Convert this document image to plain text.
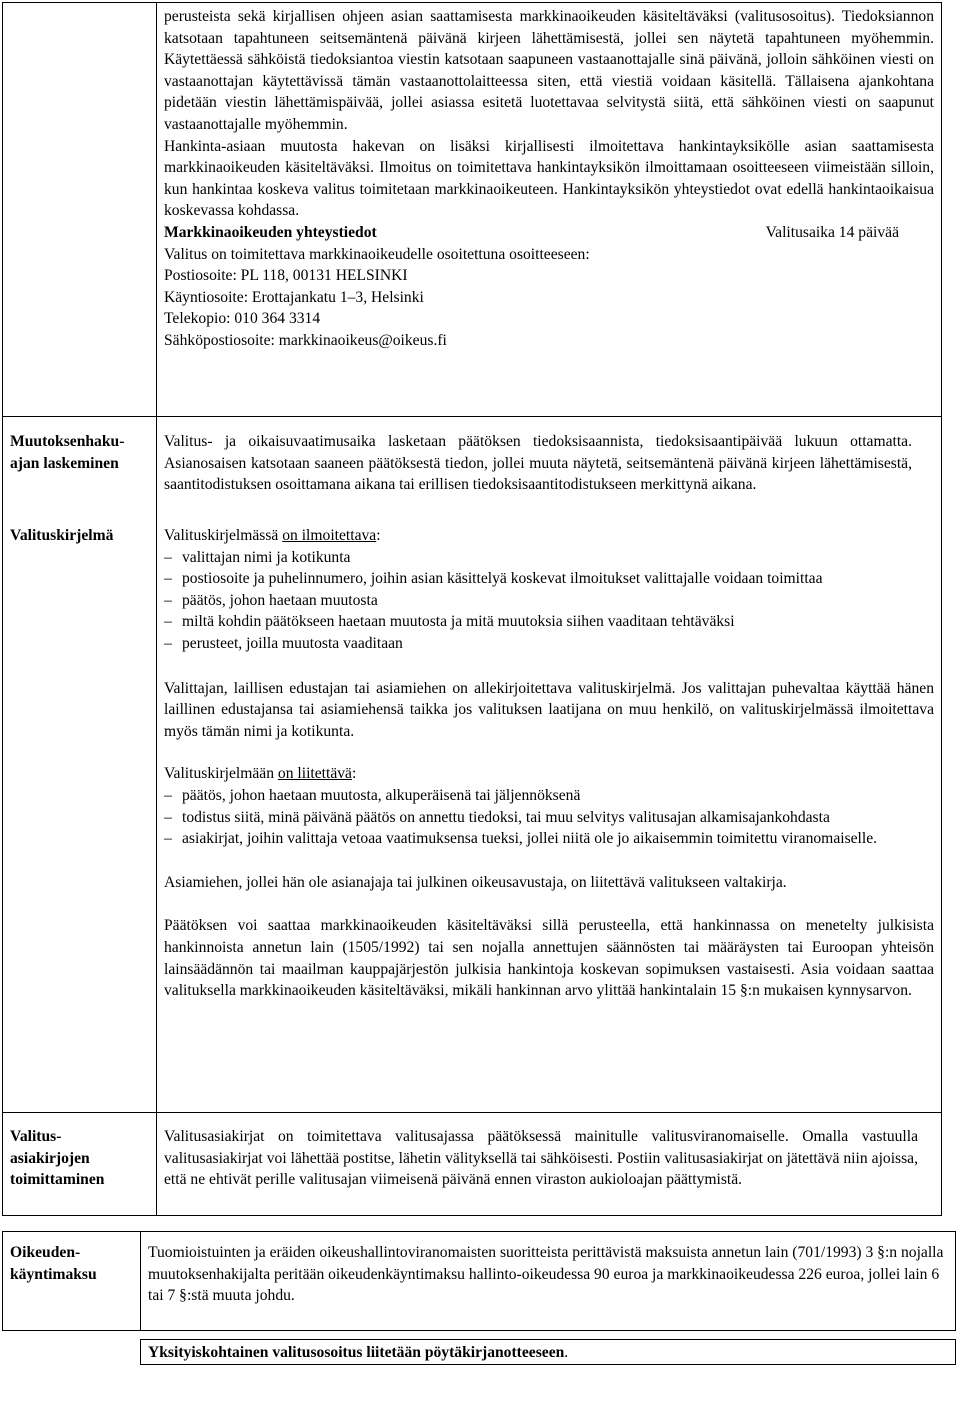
perusteista sekä kirjallisen ohjeen asian saattamisesta markkinaoikeuden käsiteltäväksi (valitusosoitus). Tiedoksiannon katsotaan tapahtuneen seitsemäntenä päivänä kirjeen lähettämisestä, jollei sen näytetä tapahtuneen myöhemmin. Käytettäessä sähköistä tiedoksiantoa viestin katsotaan saapuneen vastaanottajalle sinä päivänä, jolloin sähköinen viesti on vastaanottajan käytettävissä tämän vastaanottolaitteessa siten, että viestiä voidaan käsitellä. Tällaisena ajankohtana pidetään viestin lähettämispäivää, jollei asiassa esitetä luotettavaa selvitystä siitä, että sähköinen viesti on saapunut vastaanottajalle myöhemmin.

Hankinta-asiaan muutosta hakevan on lisäksi kirjallisesti ilmoitettava hankintayksikölle asian saattamisesta markkinaoikeuden käsiteltäväksi. Ilmoitus on toimitettava hankintayksikön ilmoittamaan osoitteeseen viimeistään silloin, kun hankintaa koskeva valitus toimitetaan markkinaoikeuteen. Hankintayksikön yhteystiedot ovat edellä hankintaoikaisua koskevassa kohdassa.

Markkinaoikeuden yhteystiedot	Valitusaika 14 päivää
Valitus on toimitettava markkinaoikeudelle osoitettuna osoitteeseen:
Postiosoite: PL 118, 00131 HELSINKI
Käyntiosoite: Erottajankatu 1–3, Helsinki
Telekopio: 010 364 3314
Sähköpostiosoite: markkinaoikeus@oikeus.fi
Muutoksenhaku-
ajan laskeminen
Valitus- ja oikaisuvaatimusaika lasketaan päätöksen tiedoksisaannista, tiedoksisaantipäivää lukuun ottamatta. Asianosaisen katsotaan saaneen päätöksestä tiedon, jollei muuta näytetä, seitsemäntenä päivänä kirjeen lähettämisestä, saantitodistuksen osoittamana aikana tai erillisen tiedoksisaantitodistukseen merkittynä aikana.
Valituskirjelmä	Valituskirjelmässä on ilmoitettava:
– valittajan nimi ja kotikunta
– postiosoite ja puhelinnumero, joihin asian käsittelyä koskevat ilmoitukset valittajalle voidaan toimittaa
– päätös, johon haetaan muutosta
– miltä kohdin päätökseen haetaan muutosta ja mitä muutoksia siihen vaaditaan tehtäväksi
– perusteet, joilla muutosta vaaditaan

Valittajan, laillisen edustajan tai asiamiehen on allekirjoitettava valituskirjelmä. Jos valittajan puhevaltaa käyttää hänen laillinen edustajansa tai asiamiehensä taikka jos valituksen laatijana on muu henkilö, on valituskirjelmässä ilmoitettava myös tämän nimi ja kotikunta.

Valituskirjelmään on liitettävä:
– päätös, johon haetaan muutosta, alkuperäisenä tai jäljennöksenä
– todistus siitä, minä päivänä päätös on annettu tiedoksi, tai muu selvitys valitusajan alkamisajankohdasta
– asiakirjat, joihin valittaja vetoaa vaatimuksensa tueksi, jollei niitä ole jo aikaisemmin toimitettu viranomaiselle.

Asiamiehen, jollei hän ole asianajaja tai julkinen oikeusavustaja, on liitettävä valitukseen valtakirja.

Päätöksen voi saattaa markkinaoikeuden käsiteltäväksi sillä perusteella, että hankinnassa on menetelty julkisista hankinnoista annetun lain (1505/1992) tai sen nojalla annettujen säännösten tai määräysten tai Euroopan yhteisön lainsäädännön tai maailman kauppajärjestön julkisia hankintoja koskevan sopimuksen vastaisesti. Asia voidaan saattaa valituksella markkinaoikeuden käsiteltäväksi, mikäli hankinnan arvo ylittää hankintalain 15 §:n mukaisen kynnysarvon.

Valitus-
asiakirjojen
toimittaminen
Valitusasiakirjat on toimitettava valitusajassa päätöksessä mainitulle valitusviranomaiselle. Omalla vastuulla valitusasiakirjat voi lähettää postitse, lähetin välityksellä tai sähköisesti. Postiin valitusasiakirjat on jätettävä niin ajoissa, että ne ehtivät perille valitusajan viimeisenä päivänä ennen viraston aukioloajan päättymistä.
Oikeuden-
käyntimaksu
Tuomioistuinten ja eräiden oikeushallintoviranomaisten suoritteista perittävistä maksuista annetun lain (701/1993) 3 §:n nojalla muutoksenhakijalta peritään oikeudenkäyntimaksu hallinto-oikeudessa 90 euroa ja markkinaoikeudessa 226 euroa, jollei lain 6 tai 7 §:stä muuta johdu.
Yksityiskohtainen valitusosoitus liitetään pöytäkirjanotteeseen.
